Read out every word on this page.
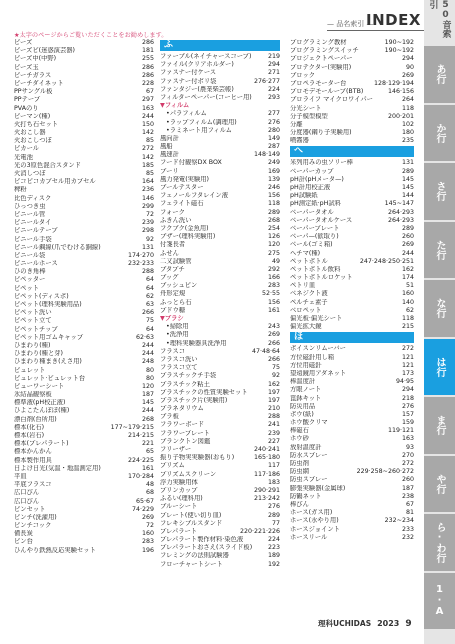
— 品名索引 —
INDEX
★太字のページからご覧いただくことをお勧めします。
ビーズ	286
ビーズビ(迷惑演芸器)	181
ビーズ中(中野)	255
ビーズ玉	286
ビーチガラス	286
ビーチダイネット	228
PPサングル板	67
PPテープ	297
PVAのり	163
ビーマン(種)	244
火打ち石セット	150
火おこし器	142
火おこしつぼ	85
ビカール	272
光電池	142
光の3原色混合スタンド	185
火消しつぼ	85
ビコピコカプセル用カプセル	164
稗粉	236
比色ディスク	146
ひっつき虫	299
ビニール管	72
ビニールタイ	239
ビニールテープ	298
ビニール手袋	92
ビニール鋼線(爪でむける銅線)	131
ビニール袋	174·270
ビニールホース	232·233
ひのき角棒	288
ピペッター	64
ピペット	64
ピペット(ディスポ)	62
ピペット(理科実験用品)	63
ピペット洗い	266
ピペット立て	75
ピペットチップ	64
ピペット用ゴムキャップ	62·63
ひまわり(種)	244
ひまわり(種と芽)	244
ひまわり種まき(えさ用)	248
ビュレット	80
ビュレット·ビュレット台	80
ビューワーシート	120
氷結晶観察板	187
標準液(pH校正液)	145
ひよこたんぽぽ(種)	244
漂白剤(台所用)	268
標本(化石)	177~179·215
標本(岩石)	214·215
標本(プレパラート)	221
標本かんかん	65
標本製作用具	224·225
日よけ日光(気温・地温測定用)	161
平皿	170·284
平底フラスコ	48
広口びん	68
広口びん	65·67
ピンセット	74·229
ピンチ(洗濯用)	269
ピンチコック	72
備長炭	160
ビン台	283
ひんやり鉄熱反応実験セット	196
ふ
ファーブル(ネイチャースコープ)	219
ファイル(クリアホルダー)	294
ファスナー付ケース	271
ファスナー付ポリ袋	276·277
ファンタジー(農業柴芸帳)	224
フィルターペーパー(コーヒー用)	293
▼フィルム
•パラフィルム	277
•ラップフィルム(調理用)	276
•ラミネート用フィルム	280
風向計	149
風船	287
風速計	148·149
フード付観察DX BOX	249
ブーリ	169
風力発電(実験用)	139
ブールテスター	246
フェノールフタレイン液	156
フェライト磁石	118
フォーク	289
ふきん洗い	268
フクブク(金魚用)	254
ブザー(理科実験用)	126
付箋長者	120
ふせん	275
二又試験管	49
ブタプチ	292
ブッグ	166
ブッシュピン	283
舟形定規	52·55
ふっとら石	156
プドウ糖	161
▼プラシ
•掃除用	243
•洗浄用	269
•理科実験器具洗浄用	266
フラスコ	47·48·64
フラスコ洗い	266
フラスコ立て	75
プラスチックチ手袋	92
プラスチック粘土	162
プラスチックの性質実験セット	197
プラスチック片(実験用)	197
プラネタリウム	210
ブラ板	288
フラワーボード	241
フラワープレート	239
ブランクトン図鑑	227
フリーザー	240·241
振り子物実実験器(おもり)	165·180
プリズム	117
プリズムスクリーン	117·186
浮力実験用体	183
プリンカップ	290·291
ふるい(理科用)	213·242
ブルーシート	276
プレート(使い切り皿)	289
フレキシブルスタンド	77
プレパラート	220·221·226
プレパラート製作材料·染色液	224
プレパラートおさえ(スライド板)	223
フレミングの法則試験器	189
フローチャートシート	192
プログラミング教材	190~192
プログラミングスイッチ	190~192
プロジェクトペーパー	294
プロテクター(実験用)	90
ブロック	269
ブロペラモーター台	128·129·194
プロモデモーループ(BTB)	146·156
ブロライフ マイクロワイパー	264
分光シート	118
分子模型模型	200·201
分離	102
分度器(鋼り子実験用)	180
噴霧器	235
へ
米列用みの虫ソリー棒	131
ベーパーカップ	289
pH計(pHメータ—)	145
pH計用校正液	145
pH試験紙	144
pH測定紙·pH試料	145~147
ベーパータオル	264·293
ベーパータオルケース	264·293
ベーパープレート	289
ベーパ—(歓取り)	260
ベール(ゴミ箱)	269
ヘチマ(種)	244
ペットボトル	247·248·250·251
ペットボトル飲料	162
ペットボトルロケット	174
ペトリ皿	51
ベネジクト液	160
ペルチェ素子	140
ベロペット	62
偏光板·偏光シート	118
偏光拡大鏡	215
ほ
ボイスンリムーバー	272
方位磁針用し箱	121
方位用磁針	121
望遠鏡用アダネット	173
棒温度計	94·95
方眼ノート	294
箆鉢キット	218
防災用品	276
ボウ(紙)	157
ホウ酸クリマ	159
棒磁石	119·121
ホウ砂	163
放射温度計	93
防水スプレー	270
防虫剤	272
防虫網	229·258~260·272
防虫スプレー	260
膨張実験器(金属球)	187
防鶴ネット	238
棒びん	67
ホース(ガス用)	81
ホース(水やり用)	232~234
ホースジョイント	233
ホースリール	232
50音索引
あ行
か行
さ行
た行
な行
は行
ま行
や行
ら·わ行
1·A
理科UCHIDAS 2023 9
